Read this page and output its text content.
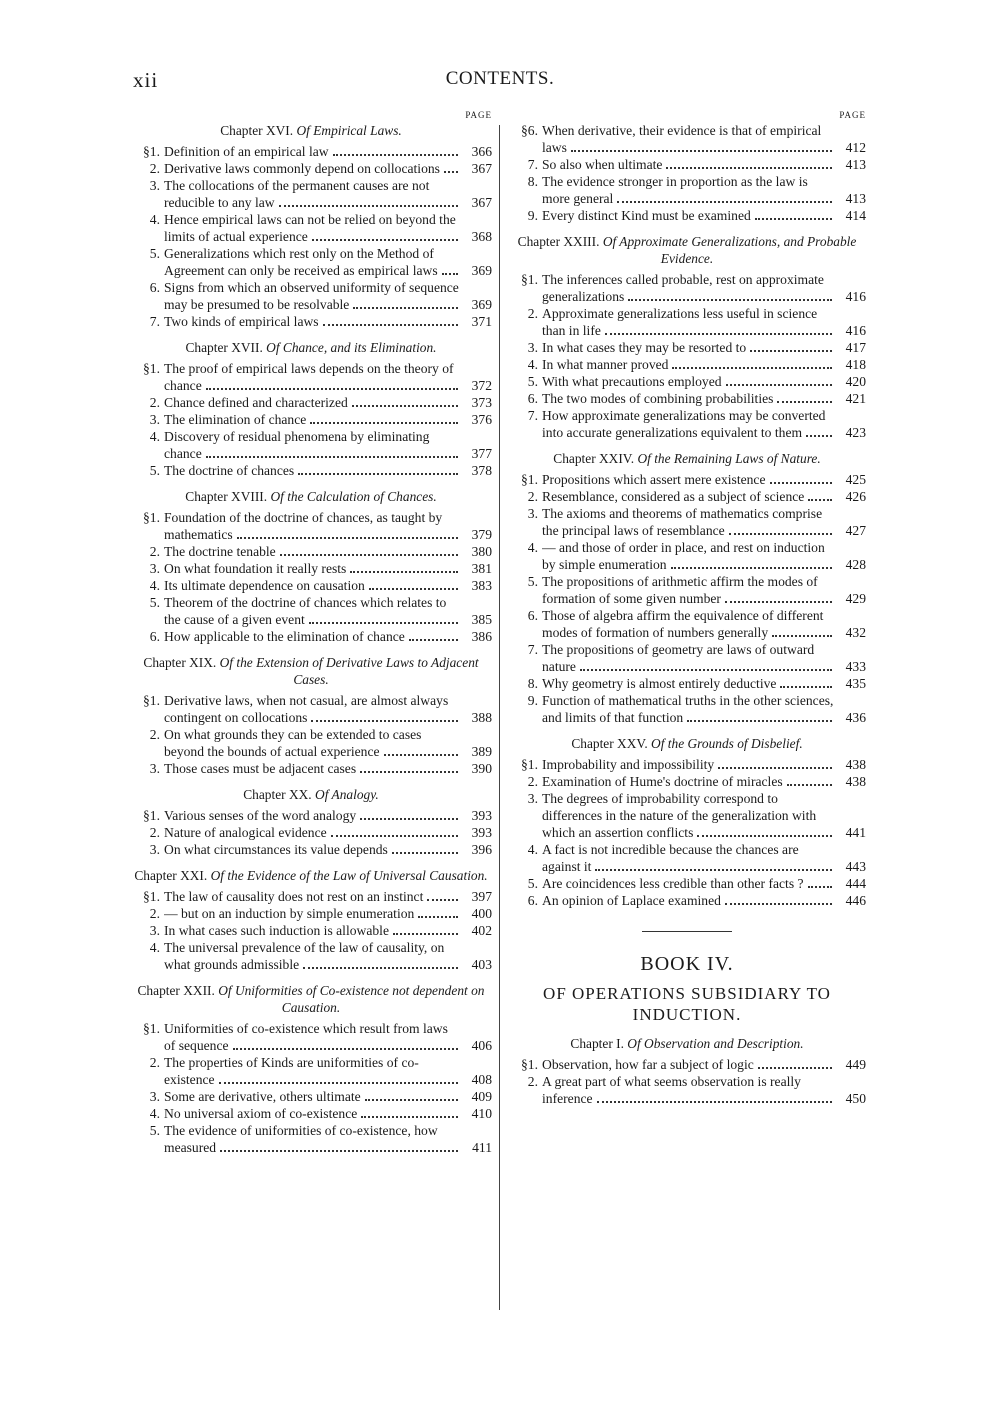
xii	CONTENTS.
PAGE
Chapter XVI. Of Empirical Laws.
§1. Definition of an empirical law	366
2. Derivative laws commonly depend on collocations	367
3. The collocations of the permanent causes are not reducible to any law	367
4. Hence empirical laws can not be relied on beyond the limits of actual experience	368
5. Generalizations which rest only on the Method of Agreement can only be received as empirical laws	369
6. Signs from which an observed uniformity of sequence may be presumed to be resolvable	369
7. Two kinds of empirical laws	371
Chapter XVII. Of Chance, and its Elimination.
§1. The proof of empirical laws depends on the theory of chance	372
2. Chance defined and characterized	373
3. The elimination of chance	376
4. Discovery of residual phenomena by eliminating chance	377
5. The doctrine of chances	378
Chapter XVIII. Of the Calculation of Chances.
§1. Foundation of the doctrine of chances, as taught by mathematics	379
2. The doctrine tenable	380
3. On what foundation it really rests	381
4. Its ultimate dependence on causation	383
5. Theorem of the doctrine of chances which relates to the cause of a given event	385
6. How applicable to the elimination of chance	386
Chapter XIX. Of the Extension of Derivative Laws to Adjacent Cases.
§1. Derivative laws, when not casual, are almost always contingent on collocations	388
2. On what grounds they can be extended to cases beyond the bounds of actual experience	389
3. Those cases must be adjacent cases	390
Chapter XX. Of Analogy.
§1. Various senses of the word analogy	393
2. Nature of analogical evidence	393
3. On what circumstances its value depends	396
Chapter XXI. Of the Evidence of the Law of Universal Causation.
§1. The law of causality does not rest on an instinct	397
2. — but on an induction by simple enumeration	400
3. In what cases such induction is allowable	402
4. The universal prevalence of the law of causality, on what grounds admissible	403
Chapter XXII. Of Uniformities of Co-existence not dependent on Causation.
§1. Uniformities of co-existence which result from laws of sequence	406
2. The properties of Kinds are uniformities of co-existence	408
3. Some are derivative, others ultimate	409
4. No universal axiom of co-existence	410
5. The evidence of uniformities of co-existence, how measured	411
PAGE
§6. When derivative, their evidence is that of empirical laws	412
7. So also when ultimate	413
8. The evidence stronger in proportion as the law is more general	413
9. Every distinct Kind must be examined	414
Chapter XXIII. Of Approximate Generalizations, and Probable Evidence.
§1. The inferences called probable, rest on approximate generalizations	416
2. Approximate generalizations less useful in science than in life	416
3. In what cases they may be resorted to	417
4. In what manner proved	418
5. With what precautions employed	420
6. The two modes of combining probabilities	421
7. How approximate generalizations may be converted into accurate generalizations equivalent to them	423
Chapter XXIV. Of the Remaining Laws of Nature.
§1. Propositions which assert mere existence	425
2. Resemblance, considered as a subject of science	426
3. The axioms and theorems of mathematics comprise the principal laws of resemblance	427
4. — and those of order in place, and rest on induction by simple enumeration	428
5. The propositions of arithmetic affirm the modes of formation of some given number	429
6. Those of algebra affirm the equivalence of different modes of formation of numbers generally	432
7. The propositions of geometry are laws of outward nature	433
8. Why geometry is almost entirely deductive	435
9. Function of mathematical truths in the other sciences, and limits of that function	436
Chapter XXV. Of the Grounds of Disbelief.
§1. Improbability and impossibility	438
2. Examination of Hume's doctrine of miracles	438
3. The degrees of improbability correspond to differences in the nature of the generalization with which an assertion conflicts	441
4. A fact is not incredible because the chances are against it	443
5. Are coincidences less credible than other facts ?	444
6. An opinion of Laplace examined	446
BOOK IV.
OF OPERATIONS SUBSIDIARY TO INDUCTION.
Chapter I. Of Observation and Description.
§1. Observation, how far a subject of logic	449
2. A great part of what seems observation is really inference	450
